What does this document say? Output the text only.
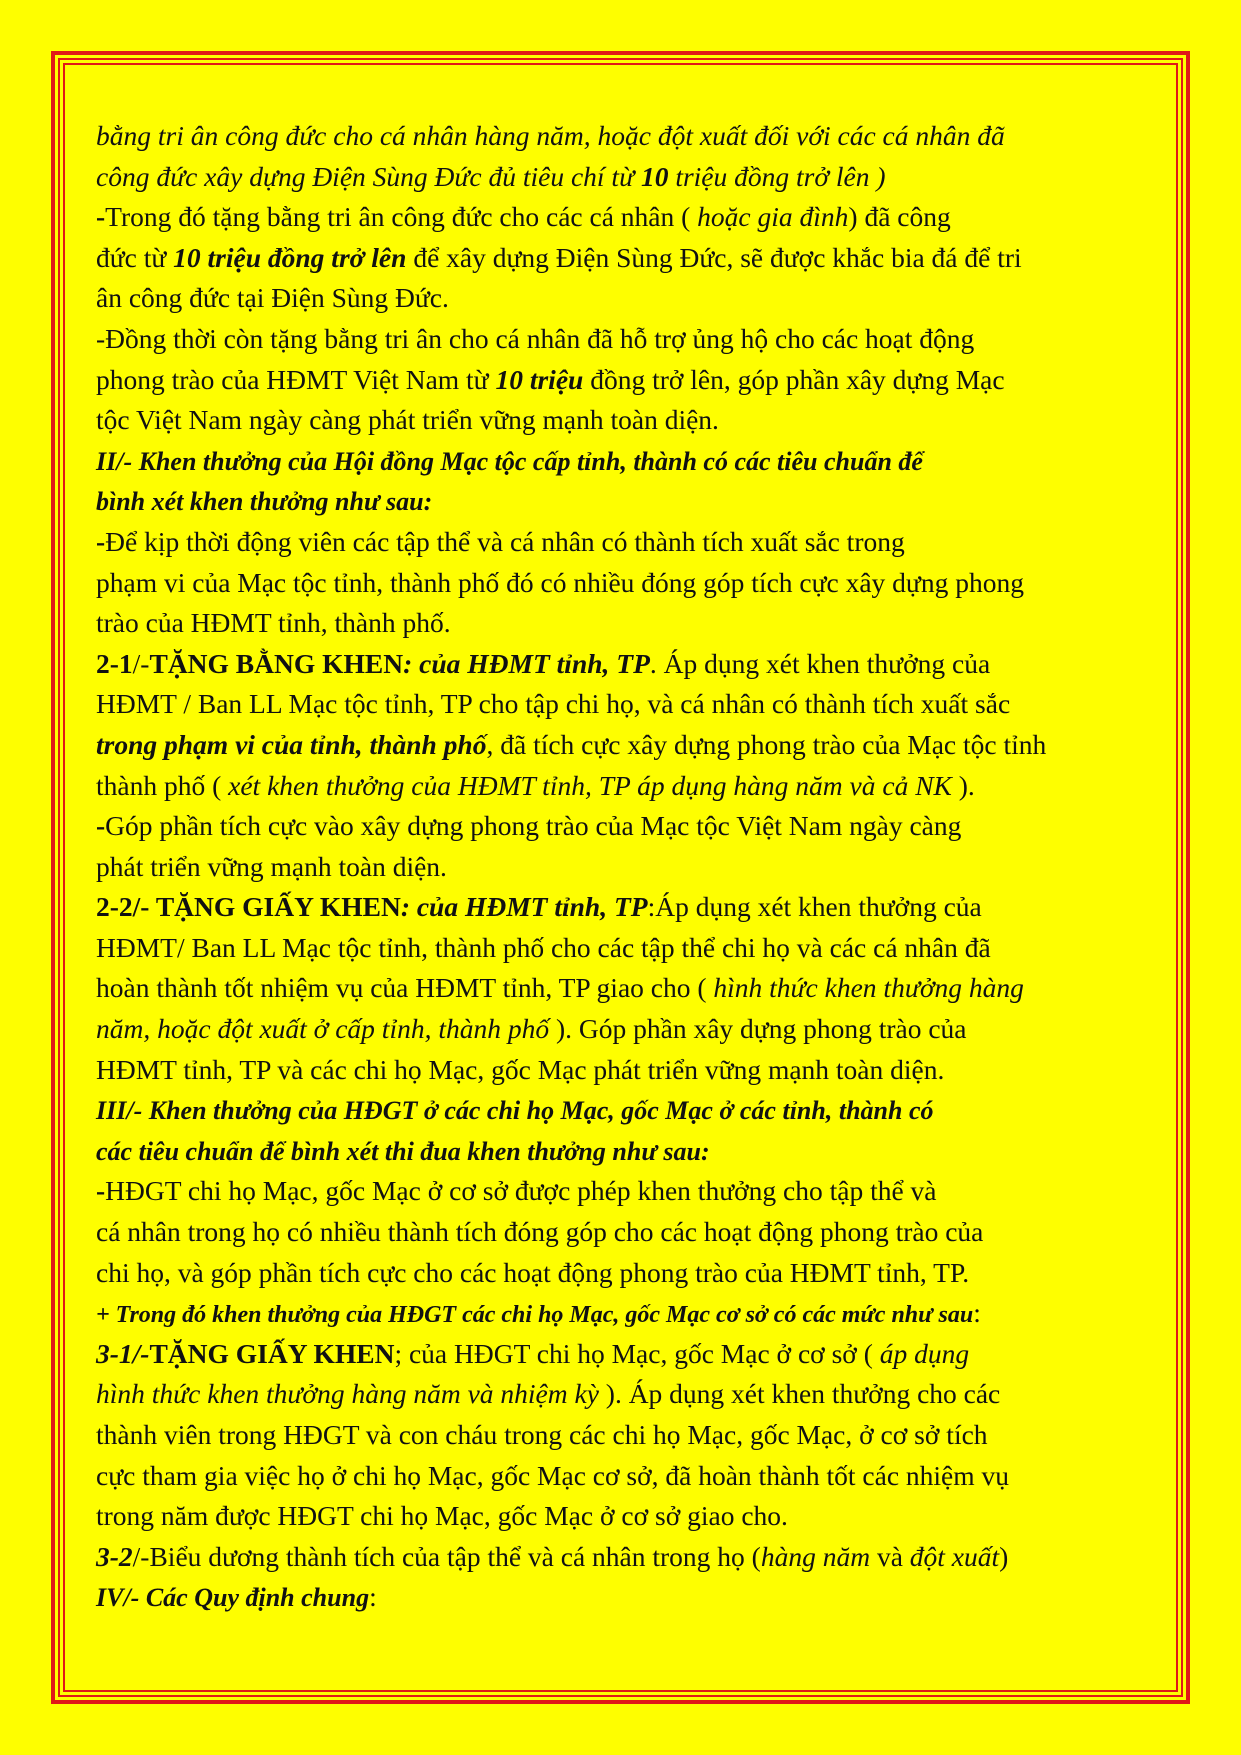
bằng tri ân công đức cho cá nhân hàng năm, hoặc đột xuất đối với các cá nhân đã
công đức xây dựng Điện Sùng Đức đủ tiêu chí từ 10 triệu đồng trở lên )
-Trong đó tặng bằng tri ân công đức cho các cá nhân ( hoặc gia đình) đã công
đức từ 10 triệu đồng trở lên để xây dựng Điện Sùng Đức, sẽ được khắc bia đá để tri
ân công đức tại Điện Sùng Đức.
-Đồng thời còn tặng bằng tri ân cho cá nhân đã hỗ trợ ủng hộ cho các hoạt động
phong trào của HĐMT Việt Nam từ 10 triệu đồng trở lên, góp phần xây dựng Mạc
tộc Việt Nam ngày càng phát triển vững mạnh toàn diện.
II/- Khen thưởng của Hội đồng Mạc tộc cấp tỉnh, thành có các tiêu chuẩn để
bình xét khen thưởng như sau:
-Để kịp thời động viên các tập thể và cá nhân có thành tích xuất sắc trong
phạm vi của Mạc tộc tỉnh, thành phố đó có nhiều đóng góp tích cực xây dựng phong
trào của HĐMT tỉnh, thành phố.
2-1/-TẶNG BẰNG KHEN: của HĐMT tỉnh, TP. Áp dụng xét khen thưởng của
HĐMT / Ban LL Mạc tộc tỉnh, TP cho tập chi họ, và cá nhân có thành tích xuất sắc
trong phạm vi của tỉnh, thành phố, đã tích cực xây dựng phong trào của Mạc tộc tỉnh
thành phố ( xét khen thưởng của HĐMT tỉnh, TP áp dụng hàng năm và cả NK ).
-Góp phần tích cực vào xây dựng phong trào của Mạc tộc Việt Nam ngày càng
phát triển vững mạnh toàn diện.
2-2/- TẶNG GIẤY KHEN: của HĐMT tỉnh, TP:Áp dụng xét khen thưởng của
HĐMT/ Ban LL Mạc tộc tỉnh, thành phố cho các tập thể chi họ và các cá nhân đã
hoàn thành tốt nhiệm vụ của HĐMT tỉnh, TP giao cho ( hình thức khen thưởng hàng
năm, hoặc đột xuất ở cấp tỉnh, thành phố ). Góp phần xây dựng phong trào của
HĐMT tỉnh, TP và các chi họ Mạc, gốc Mạc phát triển vững mạnh toàn diện.
III/- Khen thưởng của HĐGT ở các chi họ Mạc, gốc Mạc ở các tỉnh, thành có
các tiêu chuẩn để bình xét thi đua khen thưởng như sau:
-HĐGT chi họ Mạc, gốc Mạc ở cơ sở được phép khen thưởng cho tập thể và
cá nhân trong họ có nhiều thành tích đóng góp cho các hoạt động phong trào của
chi họ, và góp phần tích cực cho các hoạt động phong trào của HĐMT tỉnh, TP.
+ Trong đó khen thưởng của HĐGT các chi họ Mạc, gốc Mạc cơ sở có các mức như sau:
3-1/-TẶNG GIẤY KHEN; của HĐGT chi họ Mạc, gốc Mạc ở cơ sở ( áp dụng
hình thức khen thưởng hàng năm và nhiệm kỳ ). Áp dụng xét khen thưởng cho các
thành viên trong HĐGT và con cháu trong các chi họ Mạc, gốc Mạc, ở cơ sở tích
cực tham gia việc họ ở chi họ Mạc, gốc Mạc cơ sở, đã hoàn thành tốt các nhiệm vụ
trong năm được HĐGT chi họ Mạc, gốc Mạc ở cơ sở giao cho.
3-2/-Biểu dương thành tích của tập thể và cá nhân trong họ (hàng năm và đột xuất)
IV/- Các Quy định chung:
